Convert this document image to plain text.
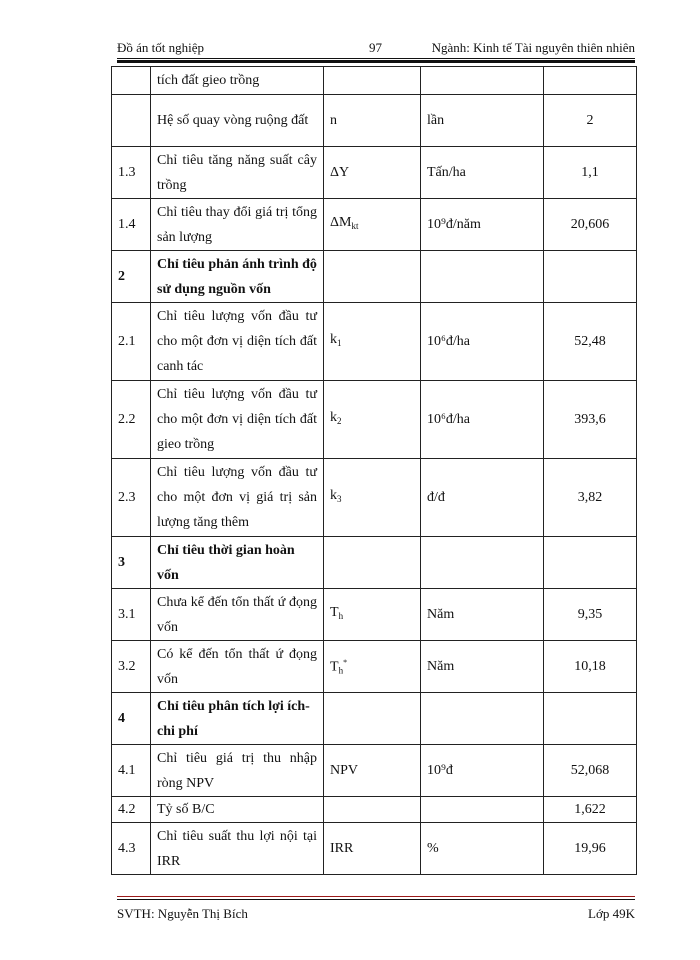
Đồ án tốt nghiệp	97	Ngành: Kinh tế Tài nguyên thiên nhiên
	tích đất gieo trồng			
	Hệ số quay vòng ruộng đất	n	lần	2
1.3	Chỉ tiêu tăng năng suất cây trồng	ΔY	Tấn/ha	1,1
1.4	Chỉ tiêu thay đổi giá trị tổng sản lượng	$\Delta M_{kt}$	10⁹đ/năm	20,606
2	Chỉ tiêu phản ánh trình độ sử dụng nguồn vốn			
2.1	Chỉ tiêu lượng vốn đầu tư cho một đơn vị diện tích đất canh tác	$k_1$	10⁶đ/ha	52,48
2.2	Chỉ tiêu lượng vốn đầu tư cho một đơn vị diện tích đất gieo trồng	$k_2$	10⁶đ/ha	393,6
2.3	Chỉ tiêu lượng vốn đầu tư cho một đơn vị giá trị sản lượng tăng thêm	$k_3$	đ/đ	3,82
3	Chỉ tiêu thời gian hoàn vốn			
3.1	Chưa kể đến tổn thất ứ đọng vốn	$T_h$	Năm	9,35
3.2	Có kể đến tổn thất ứ đọng vốn	$T_h^*$	Năm	10,18
4	Chỉ tiêu phân tích lợi ích-chi phí			
4.1	Chỉ tiêu giá trị thu nhập ròng NPV	NPV	10⁹đ	52,068
4.2	Tỷ số B/C			1,622
4.3	Chỉ tiêu suất thu lợi nội tại IRR	IRR	%	19,96
SVTH: Nguyễn Thị Bích	Lớp 49K
